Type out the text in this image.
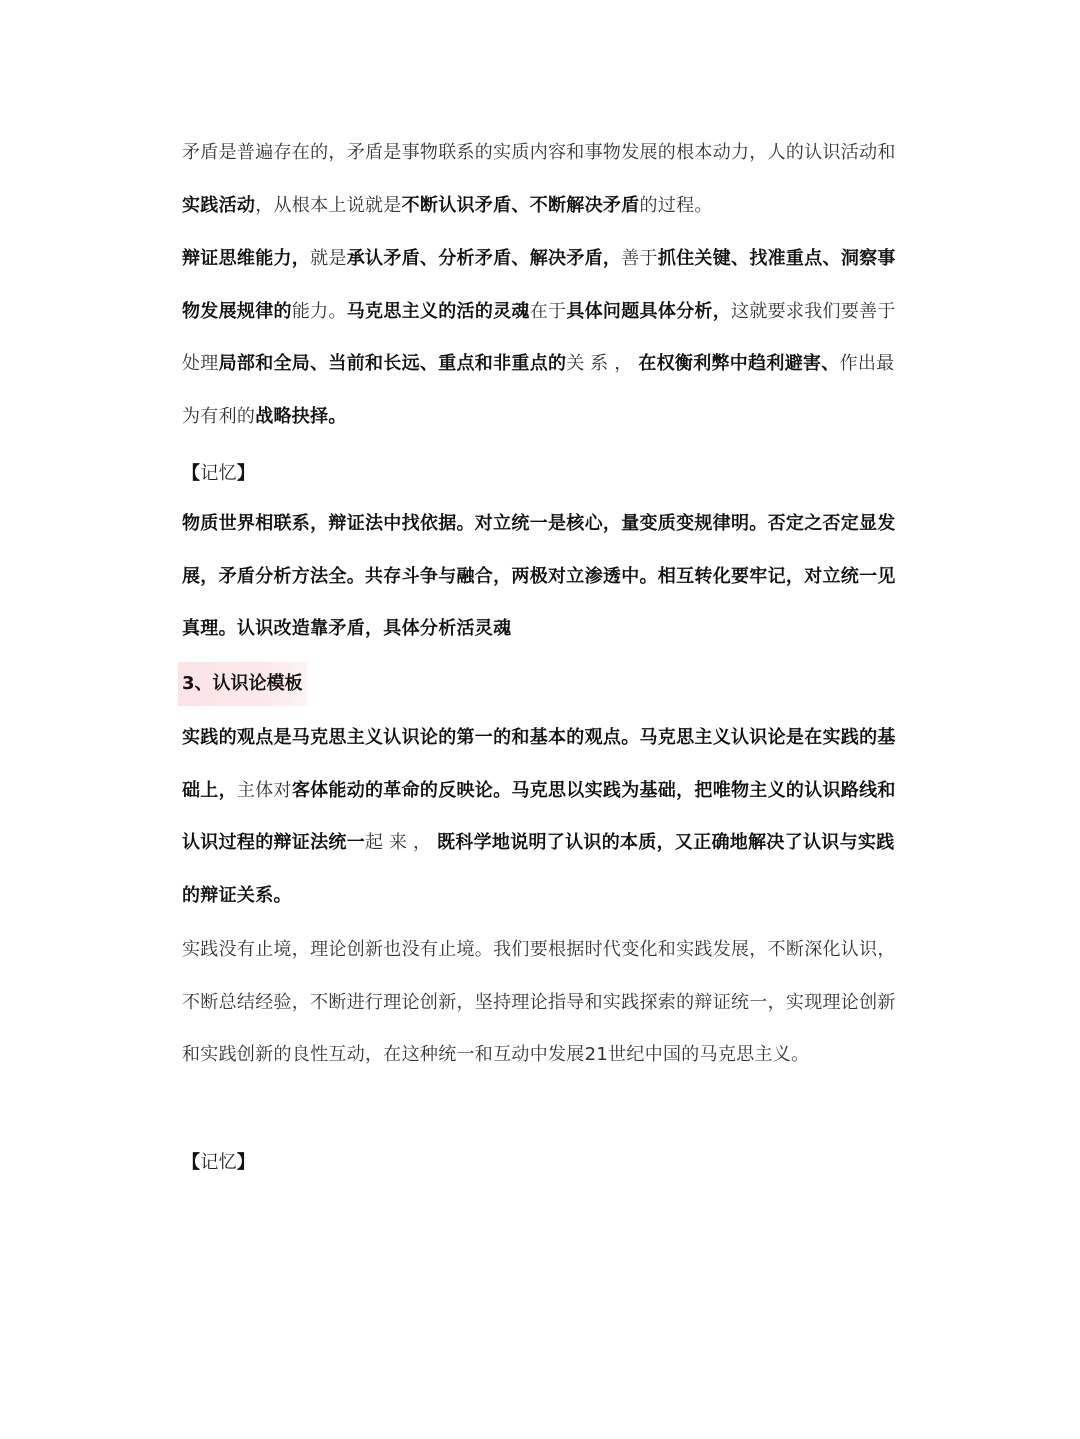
矛盾是普遍存在的，矛盾是事物联系的实质内容和事物发展的根本动力，人的认识活动和实践活动，从根本上说就是不断认识矛盾、不断解决矛盾的过程。

辩证思维能力，就是承认矛盾、分析矛盾、解决矛盾，善于抓住关键、找准重点、洞察事物发展规律的能力。马克思主义的活的灵魂在于具体问题具体分析，这就要求我们要善于处理局部和全局、当前和长远、重点和非重点的关系，在权衡利弊中趋利避害、作出最为有利的战略抉择。

【记忆】

物质世界相联系，辩证法中找依据。对立统一是核心，量变质变规律明。否定之否定显发展，矛盾分析方法全。共存斗争与融合，两极对立渗透中。相互转化要牢记，对立统一见真理。认识改造靠矛盾，具体分析活灵魂

3、认识论模板

实践的观点是马克思主义认识论的第一的和基本的观点。马克思主义认识论是在实践的基础上，主体对客体能动的革命的反映论。马克思以实践为基础，把唯物主义的认识路线和认识过程的辩证法统一起来，既科学地说明了认识的本质，又正确地解决了认识与实践的辩证关系。

实践没有止境，理论创新也没有止境。我们要根据时代变化和实践发展，不断深化认识，不断总结经验，不断进行理论创新，坚持理论指导和实践探索的辩证统一，实现理论创新和实践创新的良性互动，在这种统一和互动中发展21世纪中国的马克思主义。

【记忆】
